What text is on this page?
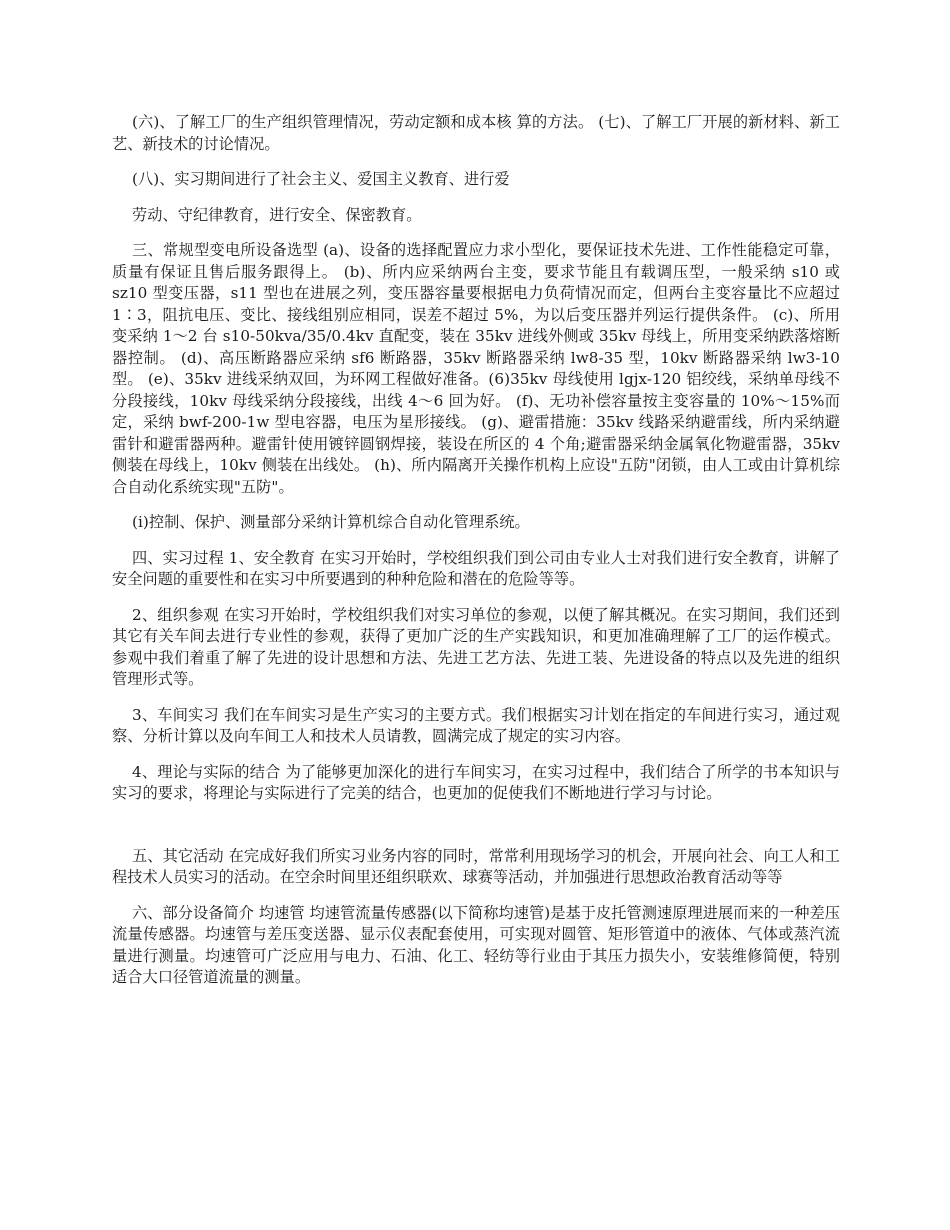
(六)、了解工厂的生产组织管理情况，劳动定额和成本核 算的方法。 (七)、了解工厂开展的新材料、新工艺、新技术的讨论情况。

(八)、实习期间进行了社会主义、爱国主义教育、进行爱

劳动、守纪律教育，进行安全、保密教育。

三、常规型变电所设备选型 (a)、设备的选择配置应力求小型化，要保证技术先进、工作性能稳定可靠，质量有保证且售后服务跟得上。 (b)、所内应采纳两台主变，要求节能且有载调压型，一般采纳 s10 或 sz10 型变压器，s11 型也在进展之列，变压器容量要根据电力负荷情况而定，但两台主变容量比不应超过 1∶3，阻抗电压、变比、接线组别应相同，误差不超过 5%，为以后变压器并列运行提供条件。 (c)、所用变采纳 1～2 台 s10-50kva/35/0.4kv 直配变，装在 35kv 进线外侧或 35kv 母线上，所用变采纳跌落熔断器控制。 (d)、高压断路器应采纳 sf6 断路器，35kv 断路器采纳 lw8-35 型，10kv 断路器采纳 lw3-10 型。 (e)、35kv 进线采纳双回，为环网工程做好准备。(6)35kv 母线使用 lgjx-120 铝绞线，采纳单母线不分段接线，10kv 母线采纳分段接线，出线 4～6 回为好。 (f)、无功补偿容量按主变容量的 10%～15%而定，采纳 bwf-200-1w 型电容器，电压为星形接线。 (g)、避雷措施：35kv 线路采纳避雷线，所内采纳避雷针和避雷器两种。避雷针使用镀锌圆钢焊接，装设在所区的 4 个角;避雷器采纳金属氧化物避雷器，35kv 侧装在母线上，10kv 侧装在出线处。 (h)、所内隔离开关操作机构上应设"五防"闭锁，由人工或由计算机综合自动化系统实现"五防"。

(i)控制、保护、测量部分采纳计算机综合自动化管理系统。

四、实习过程 1、安全教育 在实习开始时，学校组织我们到公司由专业人士对我们进行安全教育，讲解了安全问题的重要性和在实习中所要遇到的种种危险和潜在的危险等等。

2、组织参观 在实习开始时，学校组织我们对实习单位的参观，以便了解其概况。在实习期间，我们还到其它有关车间去进行专业性的参观，获得了更加广泛的生产实践知识，和更加准确理解了工厂的运作模式。参观中我们着重了解了先进的设计思想和方法、先进工艺方法、先进工装、先进设备的特点以及先进的组织管理形式等。

3、车间实习 我们在车间实习是生产实习的主要方式。我们根据实习计划在指定的车间进行实习，通过观察、分析计算以及向车间工人和技术人员请教，圆满完成了规定的实习内容。

4、理论与实际的结合 为了能够更加深化的进行车间实习，在实习过程中，我们结合了所学的书本知识与实习的要求，将理论与实际进行了完美的结合，也更加的促使我们不断地进行学习与讨论。

五、其它活动 在完成好我们所实习业务内容的同时，常常利用现场学习的机会，开展向社会、向工人和工程技术人员实习的活动。在空余时间里还组织联欢、球赛等活动，并加强进行思想政治教育活动等等

六、部分设备简介 均速管 均速管流量传感器(以下简称均速管)是基于皮托管测速原理进展而来的一种差压流量传感器。均速管与差压变送器、显示仪表配套使用，可实现对圆管、矩形管道中的液体、气体或蒸汽流量进行测量。均速管可广泛应用与电力、石油、化工、轻纺等行业由于其压力损失小，安装维修简便，特别适合大口径管道流量的测量。
